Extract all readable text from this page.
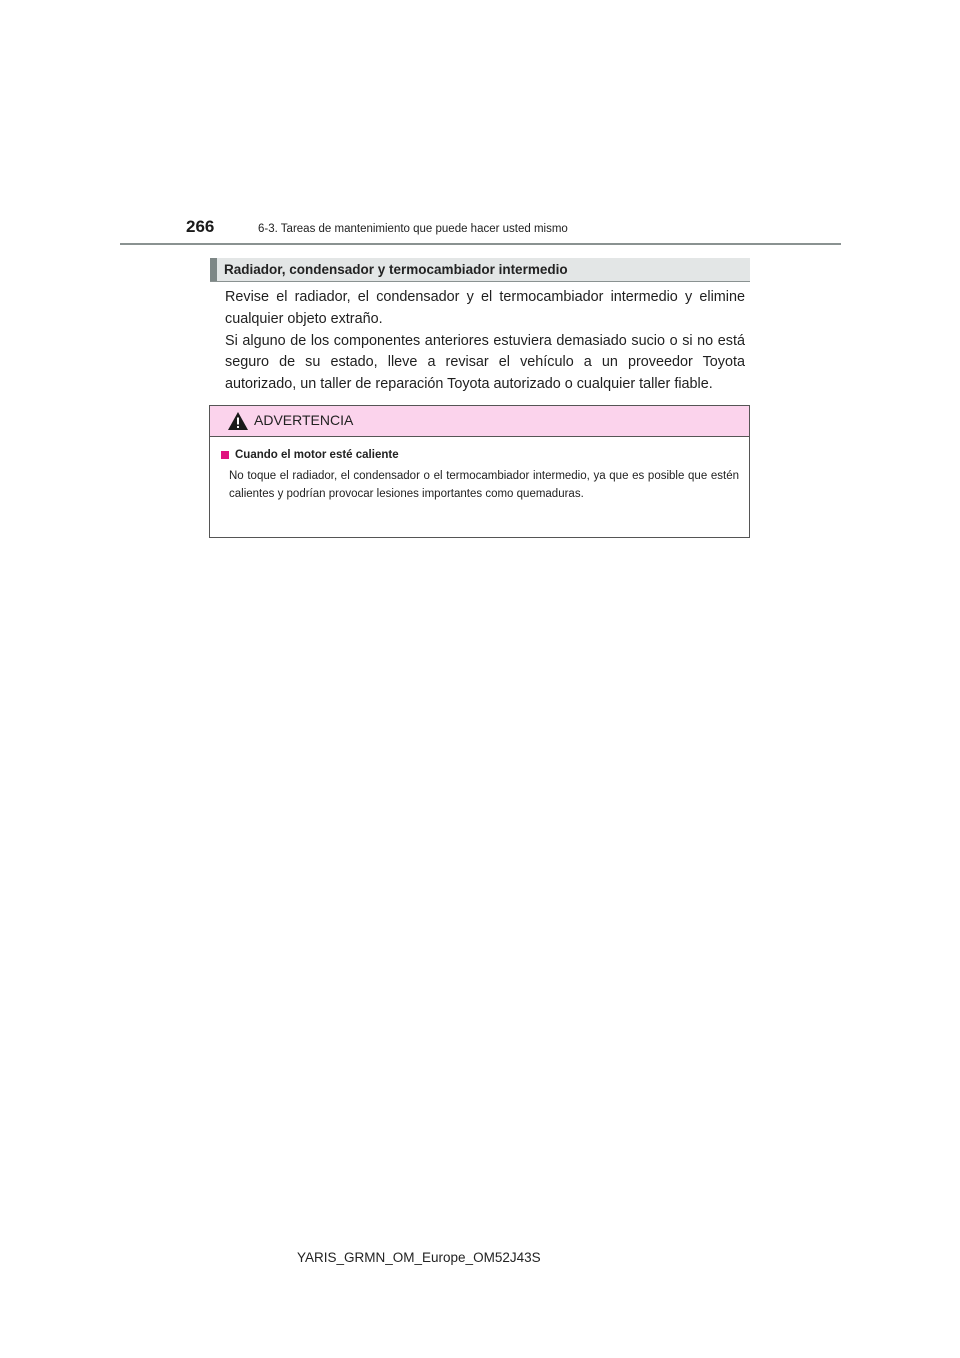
266	6-3. Tareas de mantenimiento que puede hacer usted mismo
Radiador, condensador y termocambiador intermedio

Revise el radiador, el condensador y el termocambiador intermedio y elimine cualquier objeto extraño.

Si alguno de los componentes anteriores estuviera demasiado sucio o si no está seguro de su estado, lleve a revisar el vehículo a un proveedor Toyota autorizado, un taller de reparación Toyota autorizado o cualquier taller fiable.

ADVERTENCIA
Cuando el motor esté caliente

No toque el radiador, el condensador o el termocambiador intermedio, ya que es posible que estén calientes y podrían provocar lesiones importantes como quemaduras.

YARIS_GRMN_OM_Europe_OM52J43S
